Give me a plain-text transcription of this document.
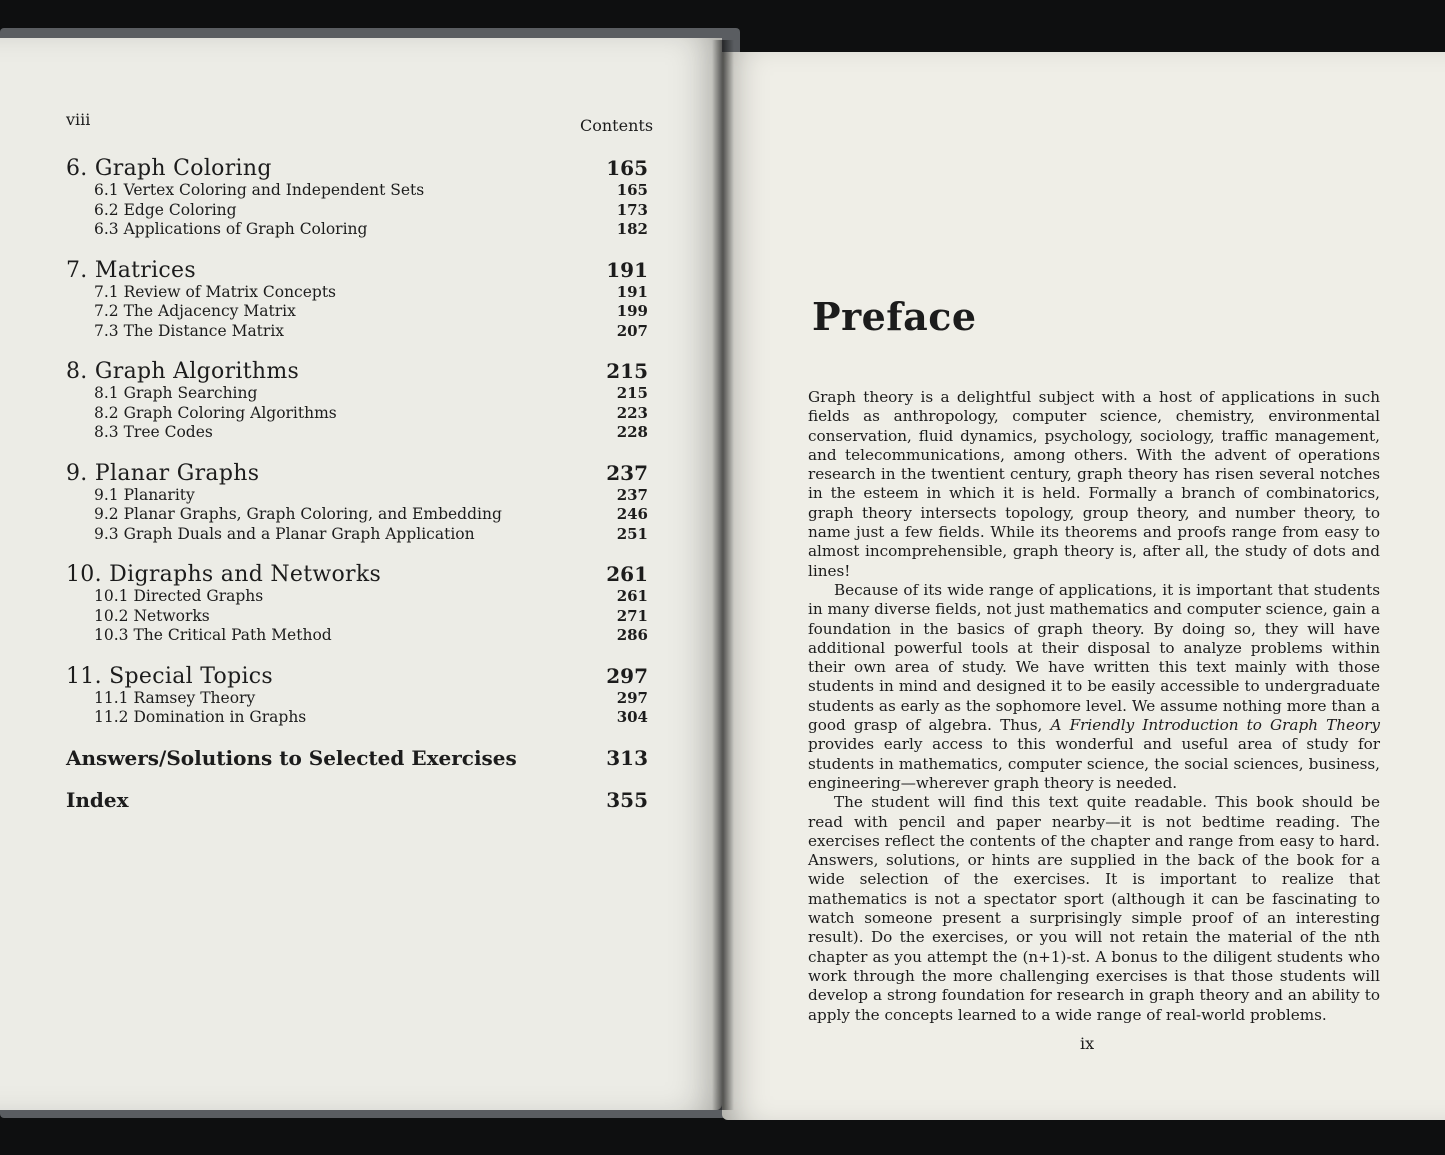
viii	Contents
6. Graph Coloring	165
6.1 Vertex Coloring and Independent Sets	165
6.2 Edge Coloring	173
6.3 Applications of Graph Coloring	182
7. Matrices	191
7.1 Review of Matrix Concepts	191
7.2 The Adjacency Matrix	199
7.3 The Distance Matrix	207
8. Graph Algorithms	215
8.1 Graph Searching	215
8.2 Graph Coloring Algorithms	223
8.3 Tree Codes	228
9. Planar Graphs	237
9.1 Planarity	237
9.2 Planar Graphs, Graph Coloring, and Embedding	246
9.3 Graph Duals and a Planar Graph Application	251
10. Digraphs and Networks	261
10.1 Directed Graphs	261
10.2 Networks	271
10.3 The Critical Path Method	286
11. Special Topics	297
11.1 Ramsey Theory	297
11.2 Domination in Graphs	304
Answers/Solutions to Selected Exercises	313
Index	355
Preface

Graph theory is a delightful subject with a host of applications in such fields as anthropology, computer science, chemistry, environmental conservation, fluid dynamics, psychology, sociology, traffic management, and telecommunications, among others. With the advent of operations research in the twentient century, graph theory has risen several notches in the esteem in which it is held. Formally a branch of combinatorics, graph theory intersects topology, group theory, and number theory, to name just a few fields. While its theorems and proofs range from easy to almost incomprehensible, graph theory is, after all, the study of dots and lines!

Because of its wide range of applications, it is important that students in many diverse fields, not just mathematics and computer science, gain a foundation in the basics of graph theory. By doing so, they will have additional powerful tools at their disposal to analyze problems within their own area of study. We have written this text mainly with those students in mind and designed it to be easily accessible to undergraduate students as early as the sophomore level. We assume nothing more than a good grasp of algebra. Thus, A Friendly Introduction to Graph Theory provides early access to this wonderful and useful area of study for students in mathematics, computer science, the social sciences, business, engineering—wherever graph theory is needed.

The student will find this text quite readable. This book should be read with pencil and paper nearby—it is not bedtime reading. The exercises reflect the contents of the chapter and range from easy to hard. Answers, solutions, or hints are supplied in the back of the book for a wide selection of the exercises. It is important to realize that mathematics is not a spectator sport (although it can be fascinating to watch someone present a surprisingly simple proof of an interesting result). Do the exercises, or you will not retain the material of the nth chapter as you attempt the (n+1)-st. A bonus to the diligent students who work through the more challenging exercises is that those students will develop a strong foundation for research in graph theory and an ability to apply the concepts learned to a wide range of real-world problems.

ix
